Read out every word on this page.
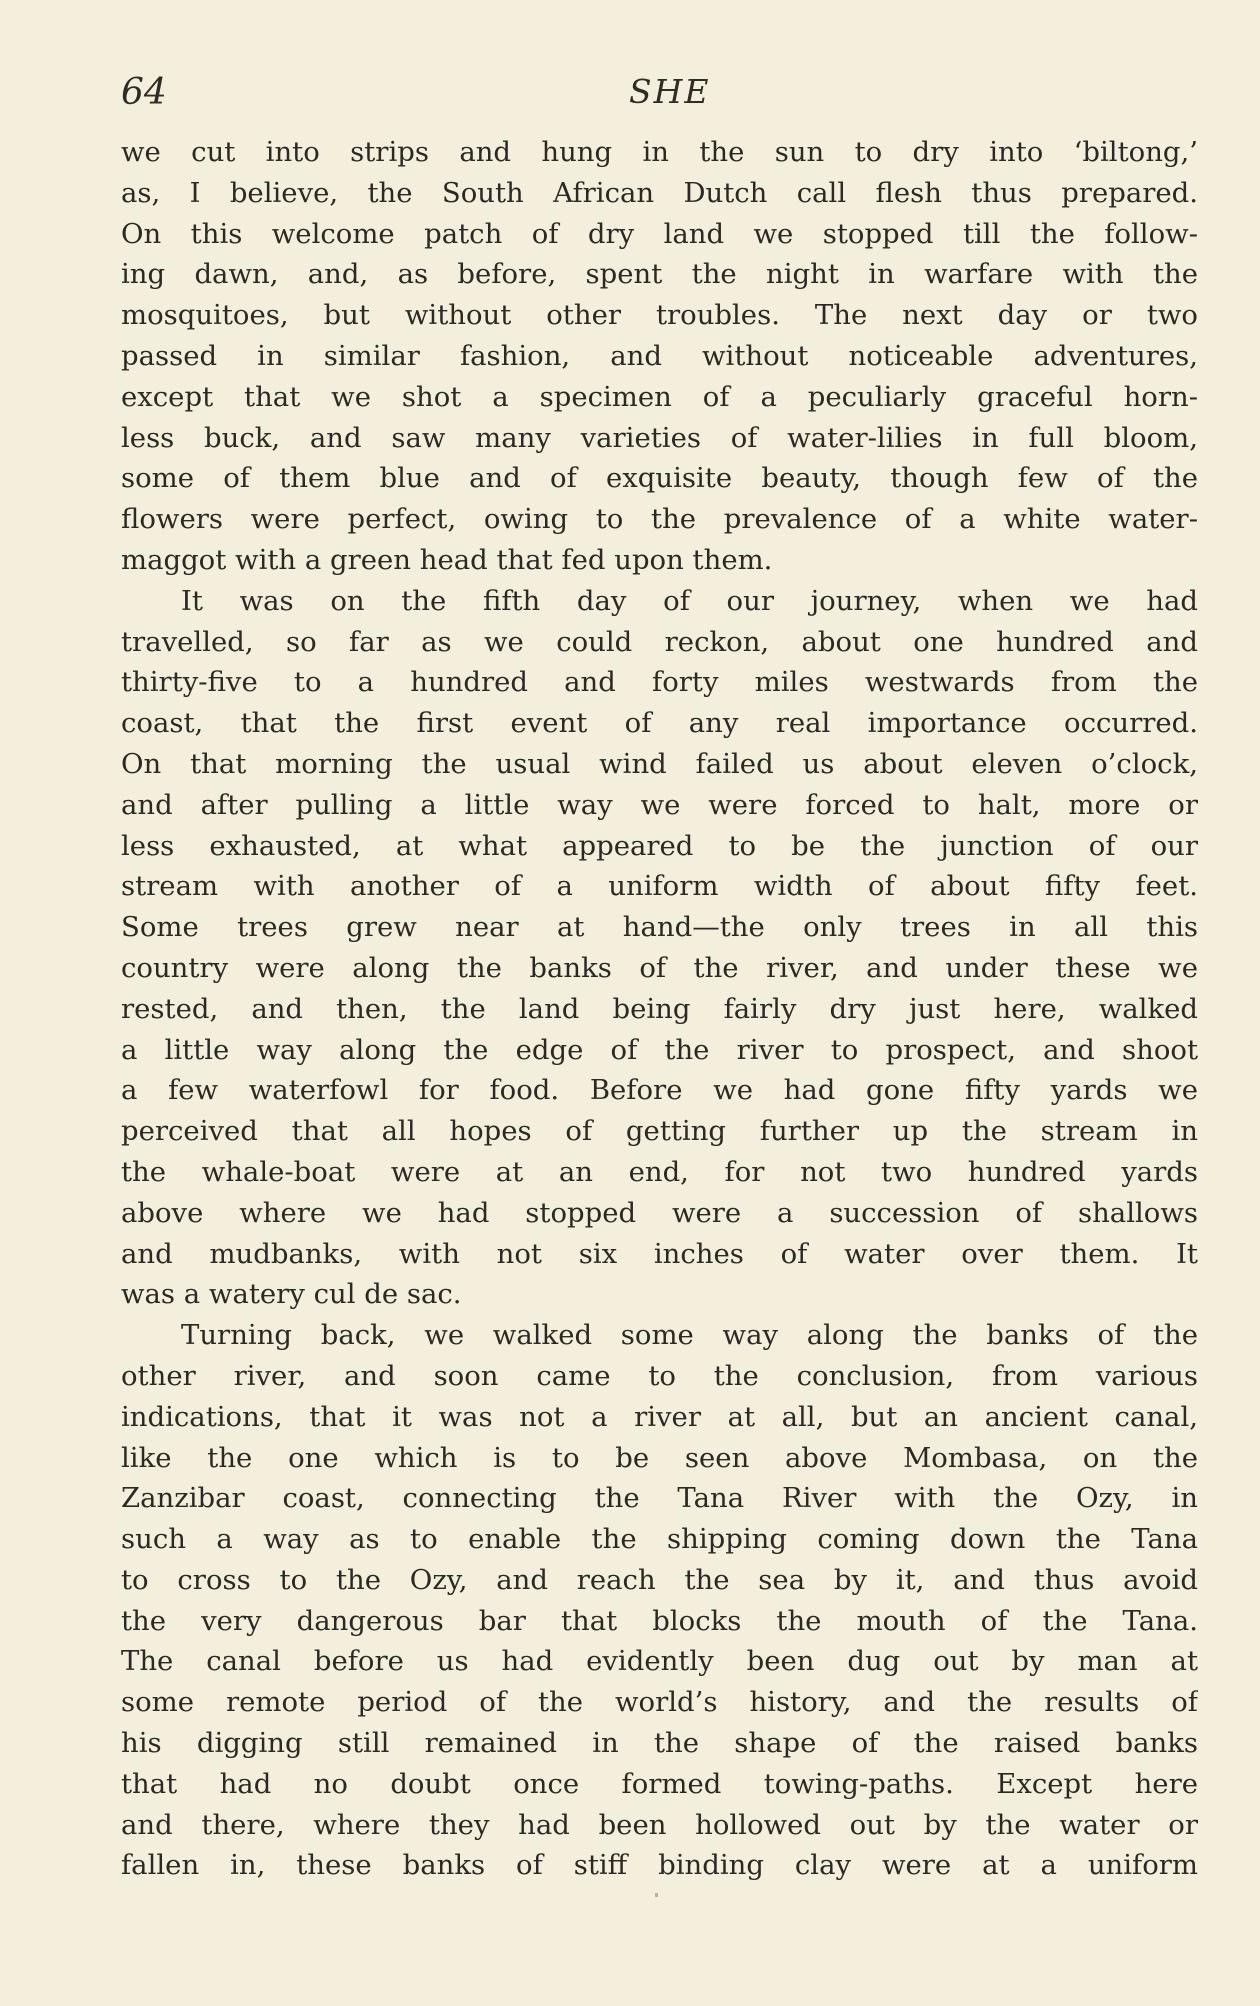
64	SHE
we cut into strips and hung in the sun to dry into ‘biltong,’
as, I believe, the South African Dutch call flesh thus prepared.
On this welcome patch of dry land we stopped till the follow-
ing dawn, and, as before, spent the night in warfare with the
mosquitoes, but without other troubles. The next day or two
passed in similar fashion, and without noticeable adventures,
except that we shot a specimen of a peculiarly graceful horn-
less buck, and saw many varieties of water-lilies in full bloom,
some of them blue and of exquisite beauty, though few of the
flowers were perfect, owing to the prevalence of a white water-
maggot with a green head that fed upon them.
It was on the fifth day of our journey, when we had
travelled, so far as we could reckon, about one hundred and
thirty-five to a hundred and forty miles westwards from the
coast, that the first event of any real importance occurred.
On that morning the usual wind failed us about eleven o’clock,
and after pulling a little way we were forced to halt, more or
less exhausted, at what appeared to be the junction of our
stream with another of a uniform width of about fifty feet.
Some trees grew near at hand—the only trees in all this
country were along the banks of the river, and under these we
rested, and then, the land being fairly dry just here, walked
a little way along the edge of the river to prospect, and shoot
a few waterfowl for food. Before we had gone fifty yards we
perceived that all hopes of getting further up the stream in
the whale-boat were at an end, for not two hundred yards
above where we had stopped were a succession of shallows
and mudbanks, with not six inches of water over them. It
was a watery cul de sac.
Turning back, we walked some way along the banks of the
other river, and soon came to the conclusion, from various
indications, that it was not a river at all, but an ancient canal,
like the one which is to be seen above Mombasa, on the
Zanzibar coast, connecting the Tana River with the Ozy, in
such a way as to enable the shipping coming down the Tana
to cross to the Ozy, and reach the sea by it, and thus avoid
the very dangerous bar that blocks the mouth of the Tana.
The canal before us had evidently been dug out by man at
some remote period of the world’s history, and the results of
his digging still remained in the shape of the raised banks
that had no doubt once formed towing-paths. Except here
and there, where they had been hollowed out by the water or
fallen in, these banks of stiff binding clay were at a uniform
